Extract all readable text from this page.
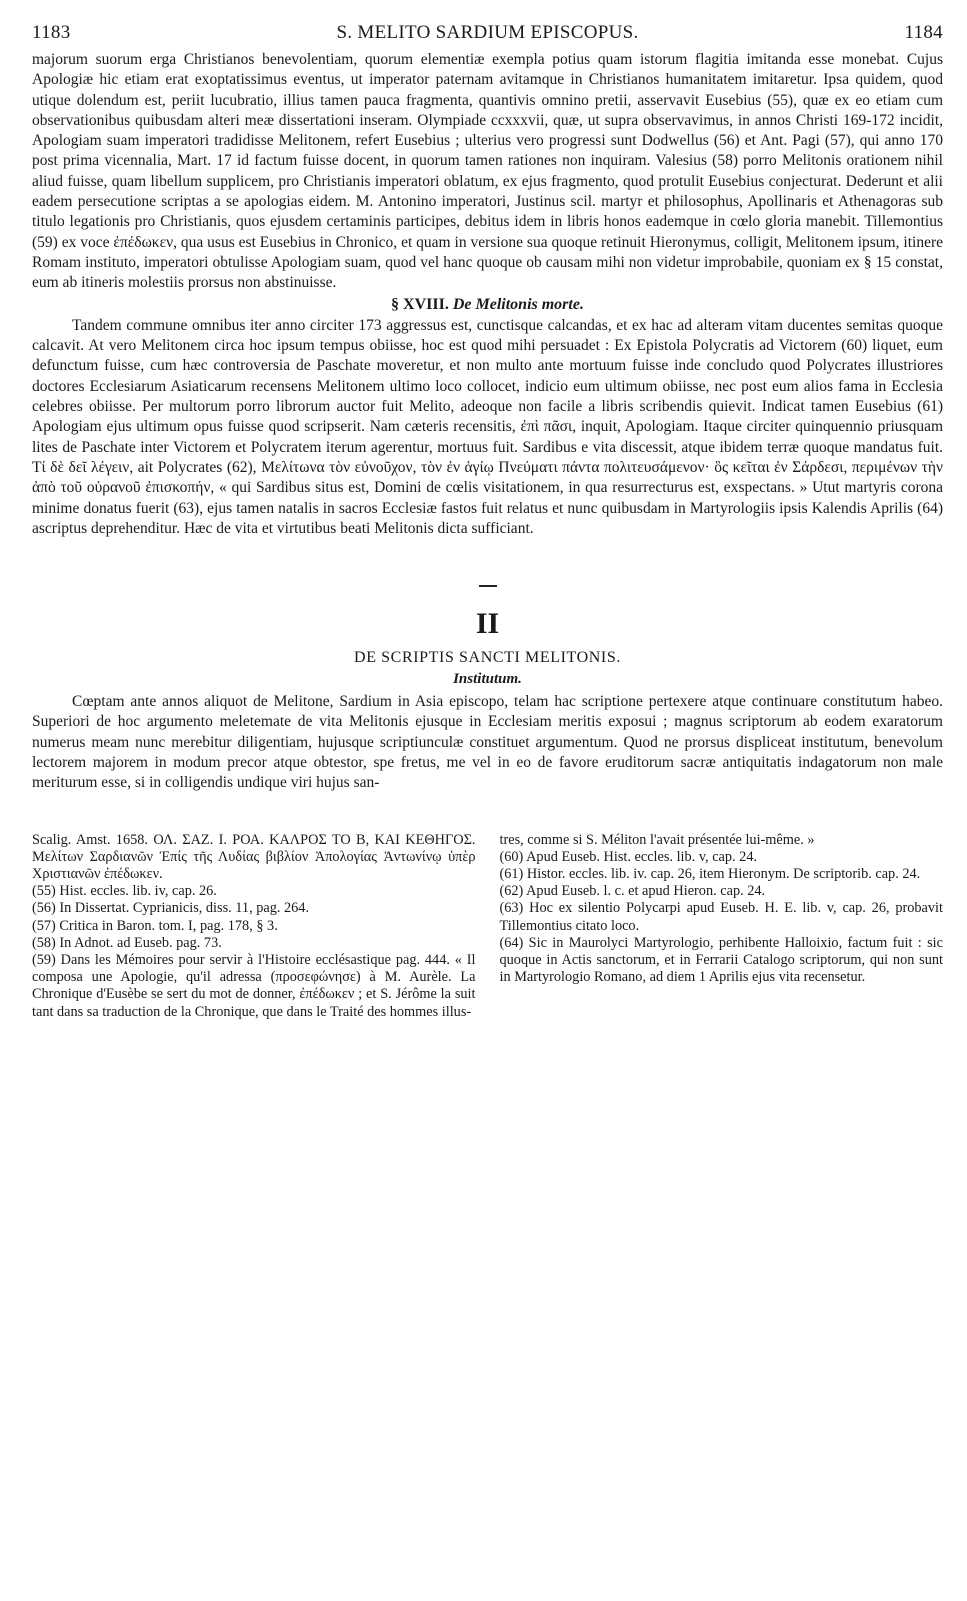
1183	S. MELITO SARDIUM EPISCOPUS.	1184

majorum suorum erga Christianos benevolentiam, quorum elementiæ exempla potius quam istorum flagitia imitanda esse monebat. Cujus Apologiæ hic etiam erat exoptatissimus eventus, ut imperator paternam avitamque in Christianos humanitatem imitaretur. Ipsa quidem, quod utique dolendum est, periit lucubratio, illius tamen pauca fragmenta, quantivis omnino pretii, asservavit Eusebius (55), quæ ex eo etiam cum observationibus quibusdam alteri meæ dissertationi inseram. Olympiade ccxxxvii, quæ, ut supra observavimus, in annos Christi 169-172 incidit, Apologiam suam imperatori tradidisse Melitonem, refert Eusebius ; ulterius vero progressi sunt Dodwellus (56) et Ant. Pagi (57), qui anno 170 post prima vicennalia, Mart. 17 id factum fuisse docent, in quorum tamen rationes non inquiram. Valesius (58) porro Melitonis orationem nihil aliud fuisse, quam libellum supplicem, pro Christianis imperatori oblatum, ex ejus fragmento, quod protulit Eusebius conjecturat. Dederunt et alii eadem persecutione scriptas a se apologias eidem. M. Antonino imperatori, Justinus scil. martyr et philosophus, Apollinaris et Athenagoras sub titulo legationis pro Christianis, quos ejusdem certaminis participes, debitus idem in libris honos eademque in cœlo gloria manebit. Tillemontius (59) ex voce ἐπέδωκεν, qua usus est Eusebius in Chronico, et quam in versione sua quoque retinuit Hieronymus, colligit, Melitonem ipsum, itinere Romam instituto, imperatori obtulisse Apologiam suam, quod vel hanc quoque ob causam mihi non videtur improbabile, quoniam ex § 15 constat, eum ab itineris molestiis prorsus non abstinuisse.

§ XVIII. De Melitonis morte.

Tandem commune omnibus iter anno circiter 173 aggressus est, cunctisque calcandas, et ex hac ad alteram vitam ducentes semitas quoque calcavit. At vero Melitonem circa hoc ipsum tempus obiisse, hoc est quod mihi persuadet : Ex Epistola Polycratis ad Victorem (60) liquet, eum defunctum fuisse, cum hæc controversia de Paschate moveretur, et non multo ante mortuum fuisse inde concludo quod Polycrates illustriores doctores Ecclesiarum Asiaticarum recensens Melitonem ultimo loco collocet, indicio eum ultimum obiisse, nec post eum alios fama in Ecclesia celebres obiisse. Per multorum porro librorum auctor fuit Melito, adeoque non facile a libris scribendis quievit. Indicat tamen Eusebius (61) Apologiam ejus ultimum opus fuisse quod scripserit. Nam cæteris recensitis, ἐπὶ πᾶσι, inquit, Apologiam. Itaque circiter quinquennio priusquam lites de Paschate inter Victorem et Polycratem iterum agerentur, mortuus fuit. Sardibus e vita discessit, atque ibidem terræ quoque mandatus fuit. Τί δὲ δεῖ λέγειν, ait Polycrates (62), Μελίτωνα τὸν εὐνοῦχον, τὸν ἐν ἁγίῳ Πνεύματι πάντα πολιτευσάμενον· ὃς κεῖται ἐν Σάρδεσι, περιμένων τὴν ἀπὸ τοῦ οὐρανοῦ ἐπισκοπήν, « qui Sardibus situs est, Domini de cœlis visitationem, in qua resurrecturus est, exspectans. » Utut martyris corona minime donatus fuerit (63), ejus tamen natalis in sacros Ecclesiæ fastos fuit relatus et nunc quibusdam in Martyrologiis ipsis Kalendis Aprilis (64) ascriptus deprehenditur. Hæc de vita et virtutibus beati Melitonis dicta sufficiant.

II
DE SCRIPTIS SANCTI MELITONIS.
Institutum.

Cœptam ante annos aliquot de Melitone, Sardium in Asia episcopo, telam hac scriptione pertexere atque continuare constitutum habeo. Superiori de hoc argumento meletemate de vita Melitonis ejusque in Ecclesiam meritis exposui ; magnus scriptorum ab eodem exaratorum numerus meam nunc merebitur diligentiam, hujusque scriptiunculæ constituet argumentum. Quod ne prorsus displiceat institutum, benevolum lectorem majorem in modum precor atque obtestor, spe fretus, me vel in eo de favore eruditorum sacræ antiquitatis indagatorum non male meriturum esse, si in colligendis undique viri hujus san-

Scalig. Amst. 1658. ΟΛ. ΣΑΖ. Ι. ΡΟΑ. ΚΑΛΡΟΣ ΤΟ Β, ΚΑΙ ΚΕΘΗΓΟΣ. Μελίτων Σαρδιανῶν Ἐπίς τῆς Λυδίας βιβλίον Ἀπολογίας Ἀντωνίνῳ ὑπὲρ Χριστιανῶν ἐπέδωκεν.

(55) Hist. eccles. lib. iv, cap. 26.

(56) In Dissertat. Cyprianicis, diss. 11, pag. 264.

(57) Critica in Baron. tom. I, pag. 178, § 3.

(58) In Adnot. ad Euseb. pag. 73.

(59) Dans les Mémoires pour servir à l'Histoire ecclésastique pag. 444. « Il composa une Apologie, qu'il adressa (προσεφώνησε) à M. Aurèle. La Chronique d'Eusèbe se sert du mot de donner, ἐπέδωκεν ; et S. Jérôme la suit tant dans sa traduction de la Chronique, que dans le Traité des hommes illus-

tres, comme si S. Méliton l'avait présentée lui-même. »

(60) Apud Euseb. Hist. eccles. lib. v, cap. 24.

(61) Histor. eccles. lib. iv. cap. 26, item Hieronym. De scriptorib. cap. 24.

(62) Apud Euseb. l. c. et apud Hieron. cap. 24.

(63) Hoc ex silentio Polycarpi apud Euseb. H. E. lib. v, cap. 26, probavit Tillemontius citato loco.

(64) Sic in Maurolyci Martyrologio, perhibente Halloixio, factum fuit : sic quoque in Actis sanctorum, et in Ferrarii Catalogo scriptorum, qui non sunt in Martyrologio Romano, ad diem 1 Aprilis ejus vita recensetur.
